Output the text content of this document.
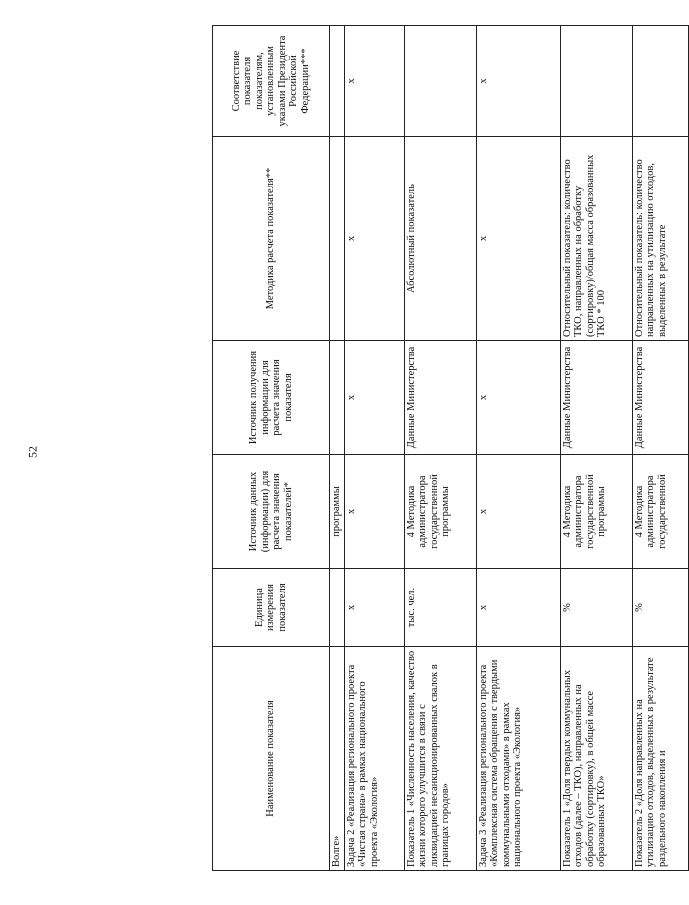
52
Наименование показателя	Единица измерения показателя	Источник данных (информации) для расчета значения показателей*	Источник получения информации для расчета значения показателя	Методика расчета показателя**	Соответствие показателя показателям, установленным указами Президента Российской Федерации***
Волге»		программы			
Задача 2 «Реализация регионального проекта «Чистая страна» в рамках национального проекта «Экология»	x	x	x	x	x
Показатель 1 «Численность населения, качество жизни которого улучшится в связи с ликвидацией несанкционированных свалок в границах городов»	тыс. чел.	4 Методика администратора государственной программы	Данные Министерства	Абсолютный показатель	
Задача 3 «Реализация регионального проекта «Комплексная система обращения с твердыми коммунальными отходами» в рамках национального проекта «Экология»	x	x	x	x	x
Показатель 1 «Доля твердых коммунальных отходов (далее – ТКО), направленных на обработку (сортировку), в общей массе образованных ТКО»	%	4 Методика администратора государственной программы	Данные Министерства	Относительный показатель: количество ТКО, направленных на обработку (сортировку)/общая масса образованных ТКО * 100	
Показатель 2 «Доля направленных на утилизацию отходов, выделенных в результате раздельного накопления и	%	4 Методика администратора государственной	Данные Министерства	Относительный показатель: количество направленных на утилизацию отходов, выделенных в результате	
